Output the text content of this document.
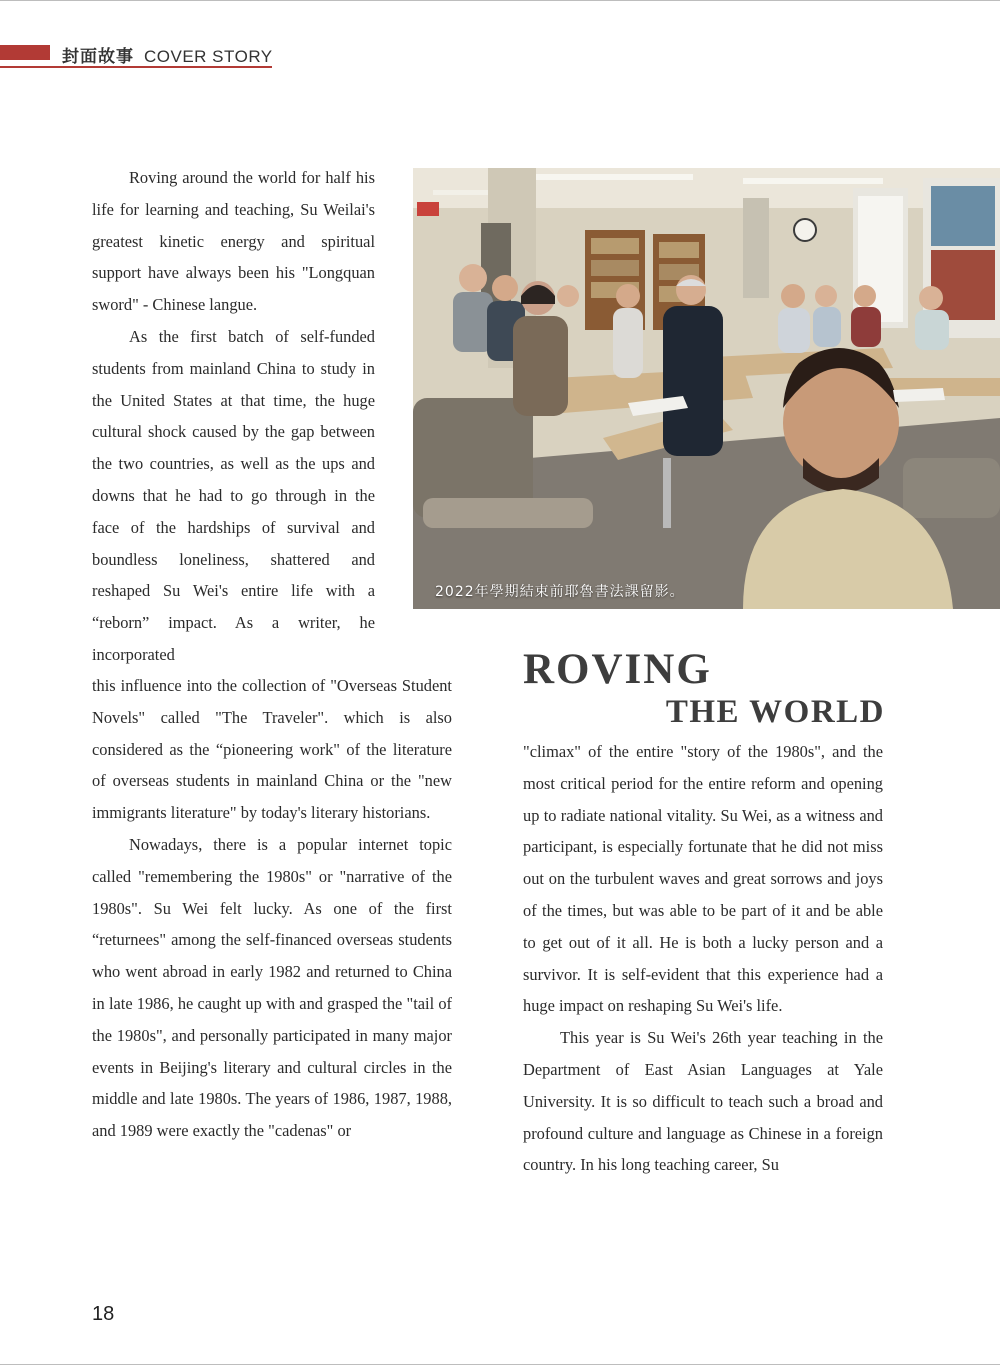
封面故事 COVER STORY
2022年學期結束前耶魯書法課留影。

Roving around the world for half his life for learning and teaching, Su Weilai's greatest kinetic energy and spiritual support have always been his "Longquan sword" - Chinese langue.

As the first batch of self-funded students from mainland China to study in the United States at that time, the huge cultural shock caused by the gap between the two countries, as well as the ups and downs that he had to go through in the face of the hardships of survival and boundless loneliness, shattered and reshaped Su Wei's entire life with a “reborn” impact. As a writer, he incorporated

this influence into the collection of "Overseas Student Novels" called "The Traveler". which is also considered as the “pioneering work" of the literature of overseas students in mainland China or the "new immigrants literature" by today's literary historians.

Nowadays, there is a popular internet topic called "remembering the 1980s" or "narrative of the 1980s". Su Wei felt lucky. As one of the first “returnees" among the self-financed overseas students who went abroad in early 1982 and returned to China in late 1986, he caught up with and grasped the "tail of the 1980s", and personally participated in many major events in Beijing's literary and cultural circles in the middle and late 1980s. The years of 1986, 1987, 1988, and 1989 were exactly the "cadenas" or

ROVING
THE WORLD

"climax" of the entire "story of the 1980s", and the most critical period for the entire reform and opening up to radiate national vitality. Su Wei, as a witness and participant, is especially fortunate that he did not miss out on the turbulent waves and great sorrows and joys of the times, but was able to be part of it and be able to get out of it all. He is both a lucky person and a survivor. It is self-evident that this experience had a huge impact on reshaping Su Wei's life.

This year is Su Wei's 26th year teaching in the Department of East Asian Languages at Yale University. It is so difficult to teach such a broad and profound culture and language as Chinese in a foreign country. In his long teaching career, Su

18
